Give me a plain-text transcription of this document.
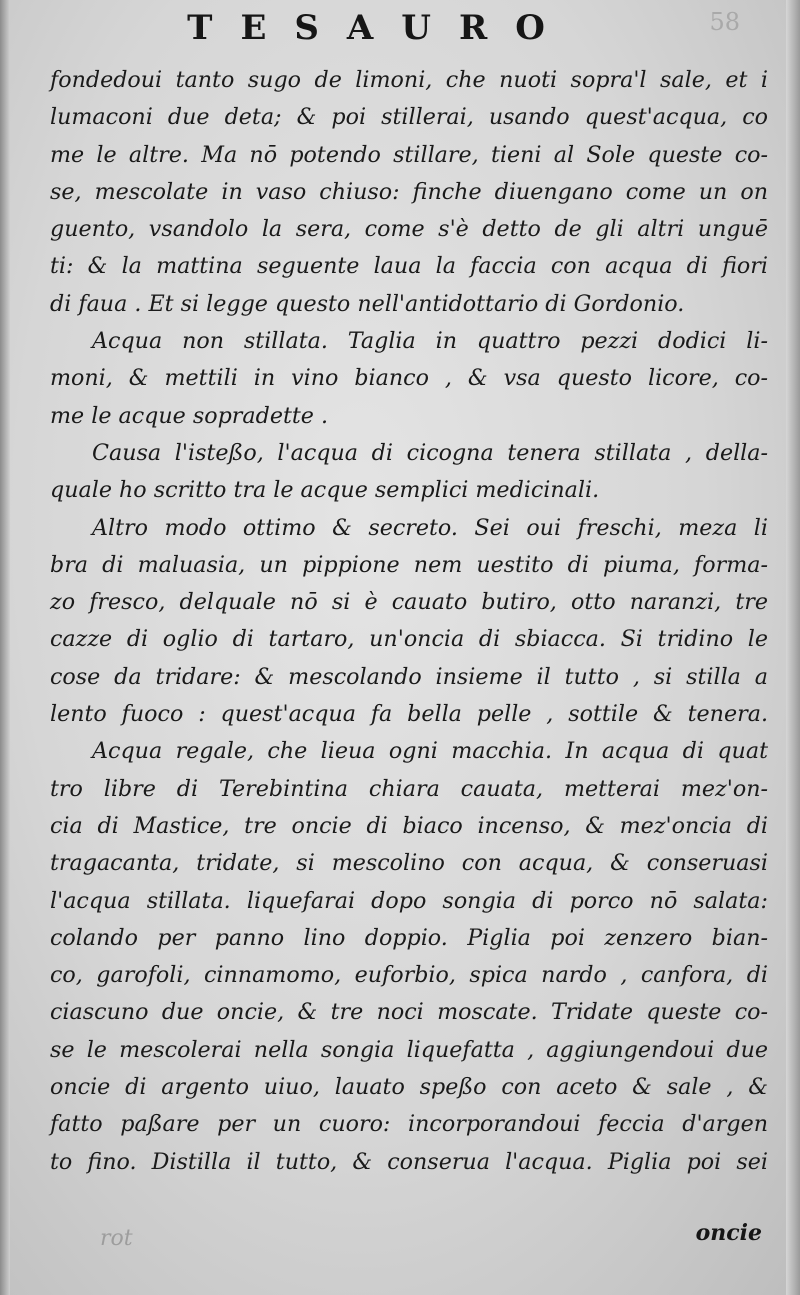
58
TESAURO
fondedoui tanto sugo de limoni, che nuoti sopra'l sale, et i
lumaconi due deta; & poi stillerai, usando quest'acqua, co
me le altre. Ma nō potendo stillare, tieni al Sole queste co-
se, mescolate in vaso chiuso: finche diuengano come un on
guento, vsandolo la sera, come s'è detto de gli altri unguē
ti: & la mattina seguente laua la faccia con acqua di fiori
di faua . Et si legge questo nell'antidottario di Gordonio.
Acqua non stillata. Taglia in quattro pezzi dodici li-
moni, & mettili in vino bianco , & vsa questo licore, co-
me le acque sopradette .
Causa l'isteßo, l'acqua di cicogna tenera stillata , della-
quale ho scritto tra le acque semplici medicinali.
Altro modo ottimo & secreto. Sei oui freschi, meza li
bra di maluasia, un pippione nem uestito di piuma, forma-
zo fresco, delquale nō si è cauato butiro, otto naranzi, tre
cazze di oglio di tartaro, un'oncia di sbiacca. Si tridino le
cose da tridare: & mescolando insieme il tutto , si stilla a
lento fuoco : quest'acqua fa bella pelle , sottile & tenera.
Acqua regale, che lieua ogni macchia. In acqua di quat
tro libre di Terebintina chiara cauata, metterai mez'on-
cia di Mastice, tre oncie di biaco incenso, & mez'oncia di
tragacanta, tridate, si mescolino con acqua, & conseruasi
l'acqua stillata. liquefarai dopo songia di porco nō salata:
colando per panno lino doppio. Piglia poi zenzero bian-
co, garofoli, cinnamomo, euforbio, spica nardo , canfora, di
ciascuno due oncie, & tre noci moscate. Tridate queste co-
se le mescolerai nella songia liquefatta , aggiungendoui due
oncie di argento uiuo, lauato speßo con aceto & sale , &
fatto paßare per un cuoro: incorporandoui feccia d'argen
to fino. Distilla il tutto, & conserua l'acqua. Piglia poi sei
rot	oncie
